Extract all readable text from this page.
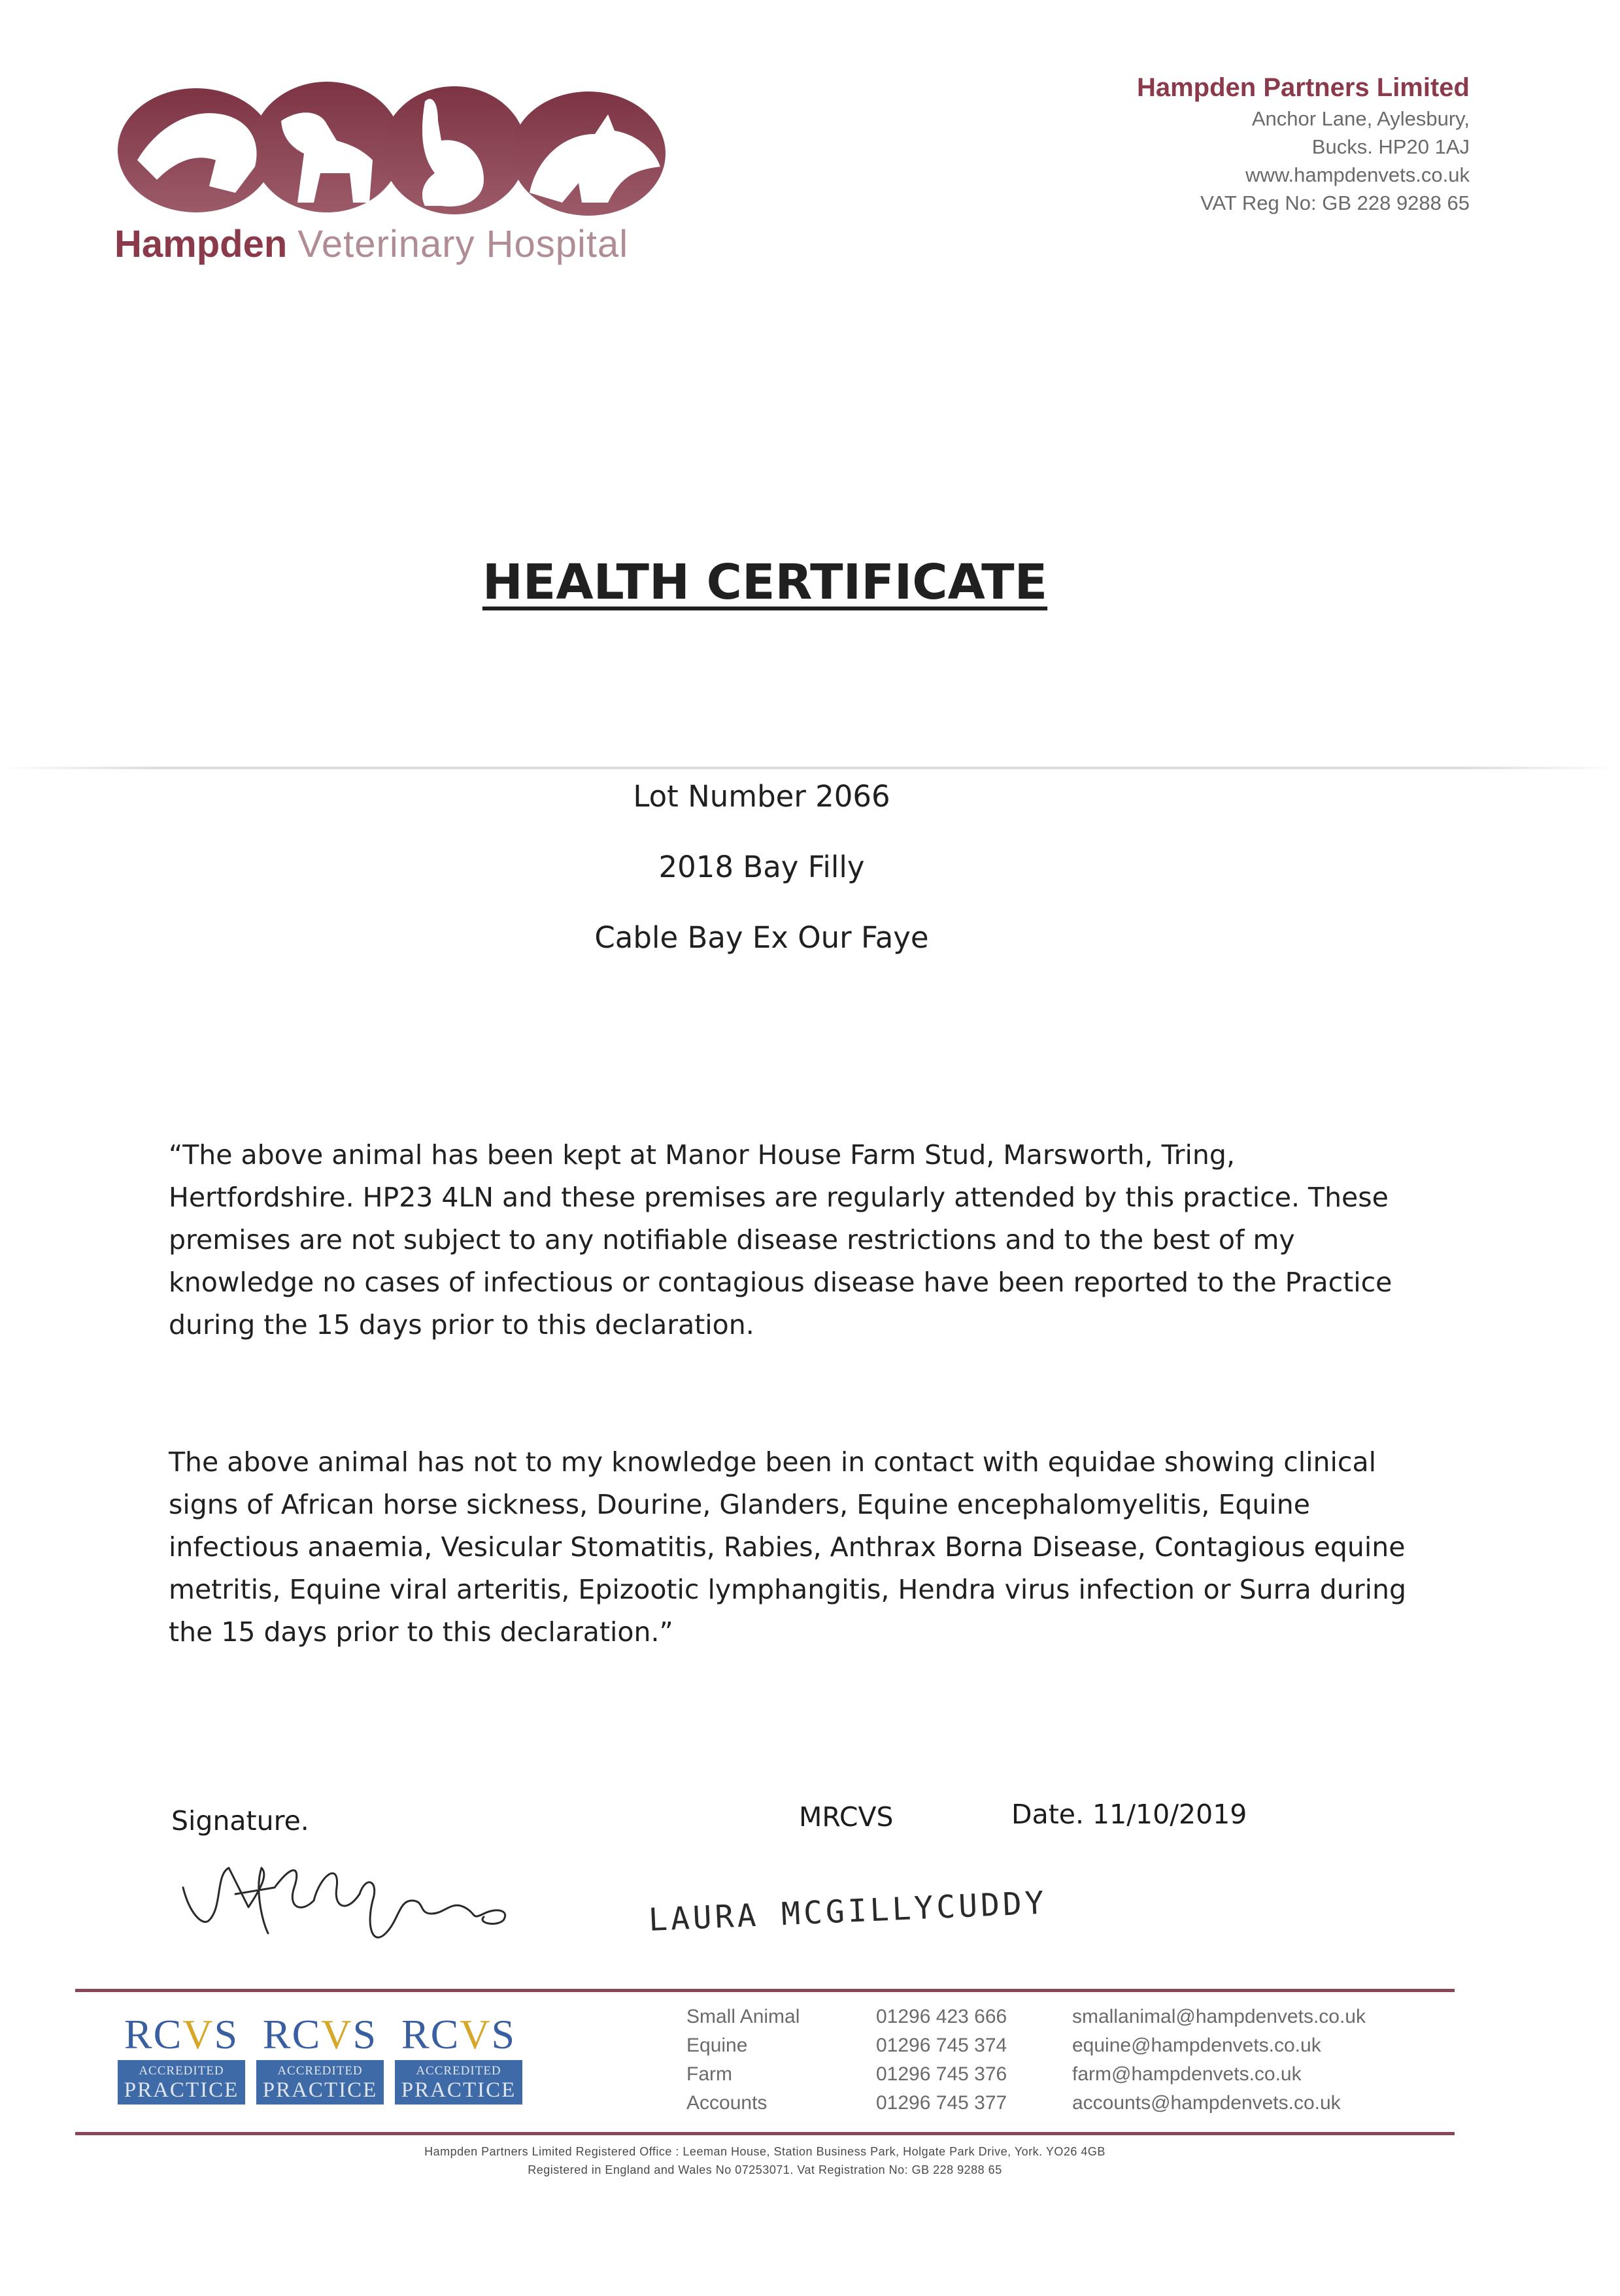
Hampden Veterinary Hospital
Hampden Partners Limited
Anchor Lane, Aylesbury,
Bucks. HP20 1AJ
www.hampdenvets.co.uk
VAT Reg No: GB 228 9288 65
HEALTH CERTIFICATE
Lot Number 2066
2018 Bay Filly
Cable Bay Ex Our Faye
“The above animal has been kept at Manor House Farm Stud, Marsworth, Tring, Hertfordshire. HP23 4LN and these premises are regularly attended by this practice. These premises are not subject to any notifiable disease restrictions and to the best of my knowledge no cases of infectious or contagious disease have been reported to the Practice during the 15 days prior to this declaration.
The above animal has not to my knowledge been in contact with equidae showing clinical signs of African horse sickness, Dourine, Glanders, Equine encephalomyelitis, Equine infectious anaemia, Vesicular Stomatitis, Rabies, Anthrax Borna Disease, Contagious equine metritis, Equine viral arteritis, Epizootic lymphangitis, Hendra virus infection or Surra during the 15 days prior to this declaration.”
Signature.	MRCVS	Date. 11/10/2019
LAURA MCGILLYCUDDY
RCVS
ACCREDITED
PRACTICE
RCVS
ACCREDITED
PRACTICE
RCVS
ACCREDITED
PRACTICE
Small Animal	01296 423 666	smallanimal@hampdenvets.co.uk
Equine	01296 745 374	equine@hampdenvets.co.uk
Farm	01296 745 376	farm@hampdenvets.co.uk
Accounts	01296 745 377	accounts@hampdenvets.co.uk
Hampden Partners Limited Registered Office : Leeman House, Station Business Park, Holgate Park Drive, York. YO26 4GB
Registered in England and Wales No 07253071. Vat Registration No: GB 228 9288 65
